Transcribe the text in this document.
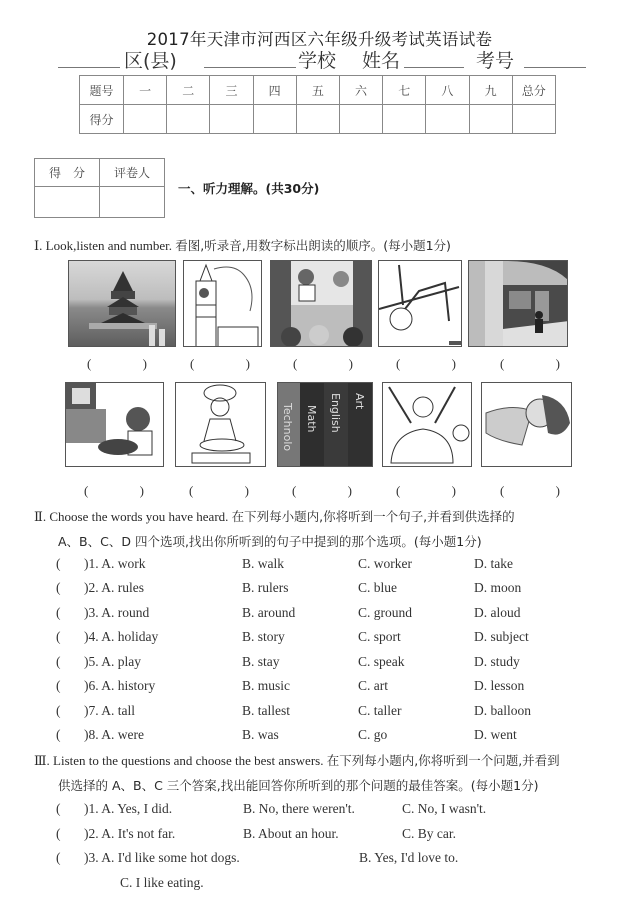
2017年天津市河西区六年级升级考试英语试卷
区(县)	学校 姓名	考号
题号	一	二	三	四	五	六	七	八	九	总分
得分										
得　分	评卷人

一、听力理解。(共30分)
Ⅰ. Look,listen and number. 看图,听录音,用数字标出朗读的顺序。(每小题1分)
(	)	(	)	(	)	(	)	(	)
Technolo Math English Art
(	)	(	)	(	)	(	)	(	)
Ⅱ. Choose the words you have heard. 在下列每小题内,你将听到一个句子,并看到供选择的
A、B、C、D 四个选项,找出你所听到的句子中提到的那个选项。(每小题1分)
( )1. A. work	B. walk	C. worker	D. take
( )2. A. rules	B. rulers	C. blue	D. moon
( )3. A. round	B. around	C. ground	D. aloud
( )4. A. holiday	B. story	C. sport	D. subject
( )5. A. play	B. stay	C. speak	D. study
( )6. A. history	B. music	C. art	D. lesson
( )7. A. tall	B. tallest	C. taller	D. balloon
( )8. A. were	B. was	C. go	D. went
Ⅲ. Listen to the questions and choose the best answers. 在下列每小题内,你将听到一个问题,并看到
供选择的 A、B、C 三个答案,找出能回答你所听到的那个问题的最佳答案。(每小题1分)
( )1. A. Yes, I did.	B. No, there weren't.	C. No, I wasn't.
( )2. A. It's not far.	B. About an hour.	C. By car.
( )3. A. I'd like some hot dogs.	B. Yes, I'd love to.
C. I like eating.
